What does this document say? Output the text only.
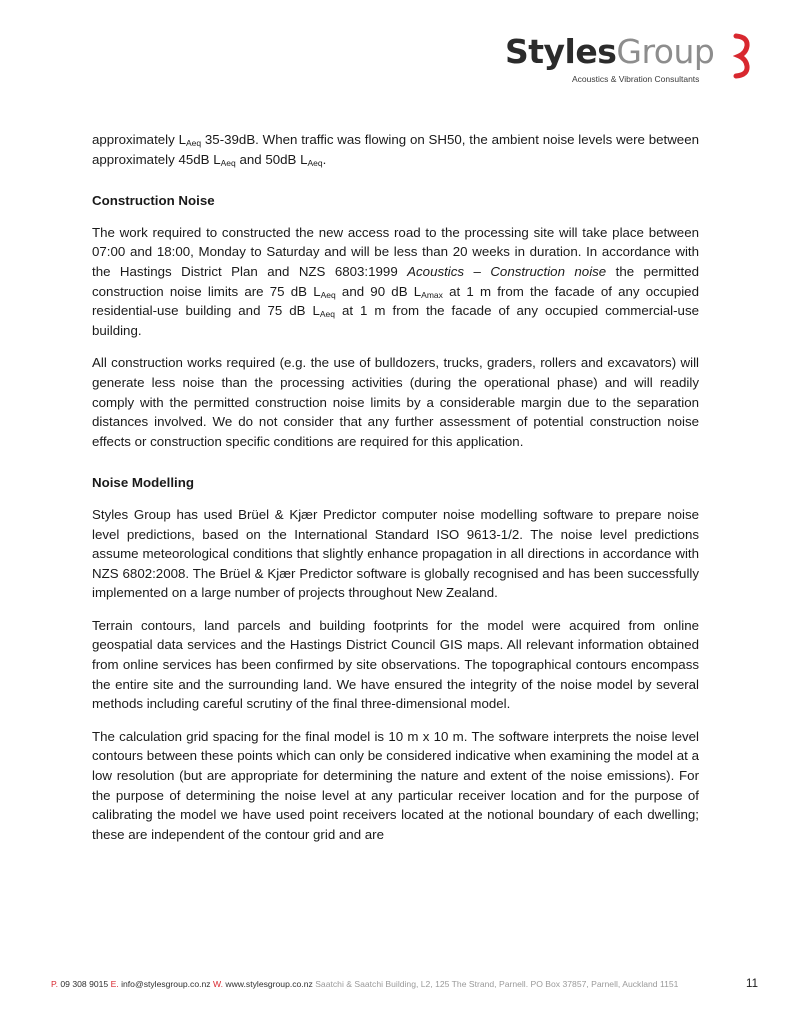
StylesGroup
Acoustics & Vibration Consultants

approximately $L_{Aeq}$ 35-39dB. When traffic was flowing on SH50, the ambient noise levels were between approximately 45dB $L_{Aeq}$ and 50dB $L_{Aeq}$.

Construction Noise

The work required to constructed the new access road to the processing site will take place between 07:00 and 18:00, Monday to Saturday and will be less than 20 weeks in duration. In accordance with the Hastings District Plan and NZS 6803:1999 Acoustics – Construction noise the permitted construction noise limits are 75 dB $L_{Aeq}$ and 90 dB $L_{Amax}$ at 1 m from the facade of any occupied residential-use building and 75 dB $L_{Aeq}$ at 1 m from the facade of any occupied commercial-use building.

All construction works required (e.g. the use of bulldozers, trucks, graders, rollers and excavators) will generate less noise than the processing activities (during the operational phase) and will readily comply with the permitted construction noise limits by a considerable margin due to the separation distances involved. We do not consider that any further assessment of potential construction noise effects or construction specific conditions are required for this application.

Noise Modelling

Styles Group has used Brüel & Kjær Predictor computer noise modelling software to prepare noise level predictions, based on the International Standard ISO 9613-1/2. The noise level predictions assume meteorological conditions that slightly enhance propagation in all directions in accordance with NZS 6802:2008. The Brüel & Kjær Predictor software is globally recognised and has been successfully implemented on a large number of projects throughout New Zealand.

Terrain contours, land parcels and building footprints for the model were acquired from online geospatial data services and the Hastings District Council GIS maps. All relevant information obtained from online services has been confirmed by site observations. The topographical contours encompass the entire site and the surrounding land. We have ensured the integrity of the noise model by several methods including careful scrutiny of the final three-dimensional model.

The calculation grid spacing for the final model is 10 m x 10 m. The software interprets the noise level contours between these points which can only be considered indicative when examining the model at a low resolution (but are appropriate for determining the nature and extent of the noise emissions). For the purpose of determining the noise level at any particular receiver location and for the purpose of calibrating the model we have used point receivers located at the notional boundary of each dwelling; these are independent of the contour grid and are

P. 09 308 9015 E. info@stylesgroup.co.nz W. www.stylesgroup.co.nz Saatchi & Saatchi Building, L2, 125 The Strand, Parnell. PO Box 37857, Parnell, Auckland 1151	11
